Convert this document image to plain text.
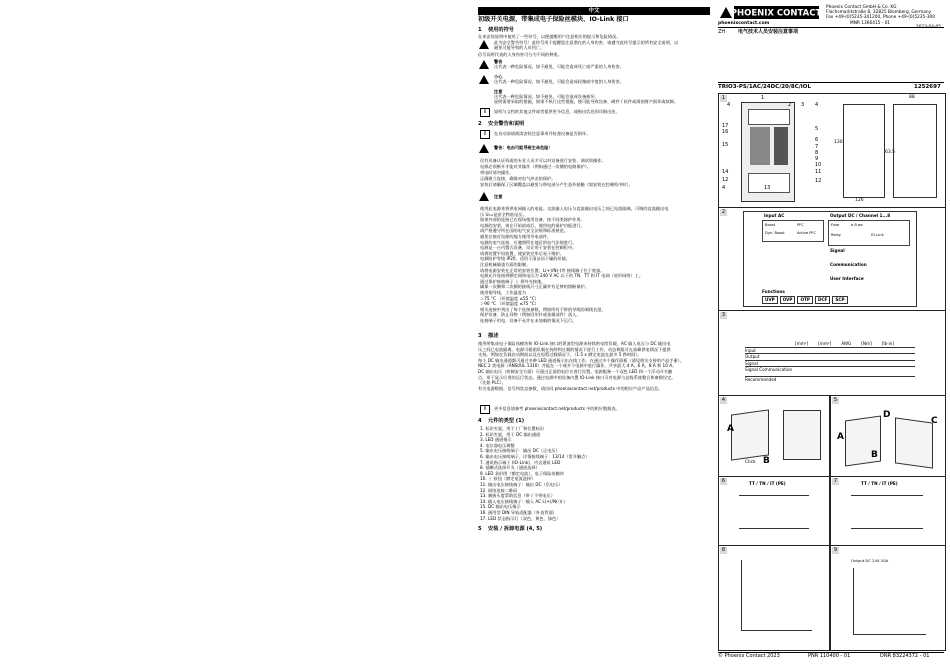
中文
初级开关电源，带集成电子保险丝模块、IO-Link 接口
1 使用的符号
在本安装说明中使用了一些符号，以便提醒用户注意相应的提示和危险情况。
此为安全警告符号！此符号用于提醒您注意潜在的人身伤害。请遵守此符号提示的所有安全说明，以
避免可能导致的人员伤亡。
信号词所代表的人身伤害可分为不同的种类。
警告
这代表一种危险情况，如不避免，可能会造成死亡或严重的人身伤害。
小心
这代表一种危险情况，如不避免，可能会造成轻微或中度的人身伤害。
注意
这代表一种危险情况，如不避免，可能会造成设备损坏。
说明需要采取的措施，如果不执行这些措施，便可能导致设备、硬件 / 软件或周围财产损坏或故障。
i	说明与文档的其他文件或者提供更多信息、或指出信息的详细出处。
2 安全警告和说明
i	在启动前请阅读安装注意事项并检查设备是否损坏。
警告：电击可能导致生命危险！
仅有具备认证资质的专业人员才可以对设备进行安装、调试和操作。
电源必须断开才能对其操作（例如通过一次侧的电路保护）。
带电时请勿操作。
正确建立连接，确保对电气冲击的保护。
安装后请确保了区域覆盖以避免与带电部分产生意外接触（如安装在控制柜中时）。
注意
使用此电源来将供电网输入的电能。交流输入电压与直流输出电压之间已电流隔离。可调的直流输出电
压 Uₒᵤₜ是安全特低电压。
如果外部的连接已在现场使用设备，按不同类保护作用。
电源的安装，请在开始前或后，使用电的保护功能进行。
请严格遵守所在国的电气安全法规和标准规范。
避免在接近电源的地方使用导电部件。
电源的电气连接，应遵照所在地区的电气法规进行。
电源是一台内置式设备，设计用于安装在控制柜中。
请将装置平坦放置，使安装完毕后易于维护。
电源防护等级 IP20，适用于清洁而干燥的环境。
注意机械载重方面的限制。
请将电源安装在正常的安装位置。L(+)/N(-)等 接线端子位于底部。
电源允许连接到额定网络电压为 240 V AC 以下的 TN、TT 和 IT 电网（星形网络）上。
通过保护接地端子 ⏚ 将外壳接地。
确保一次侧和二次侧的接线尺寸正确并有足够的熔断保护。
使用铜导线，工作温度为
＞75 °C （环境温度 ≤55 °C）
＞90 °C （环境温度 ≤75 °C）
相关连接中列出了每个连接参数，例如所有不带的导线的剥线长度。
保护设备，防止异物（例如回形针或金属部件）落入。
连接端子用电，设备不允许在未加载的情况下运行。
3 描述
使用带集成电子保险丝模块和 IO-Link 接口的紧凑型电源来持续供电给负载，AC 输入电压与 DC 输出电
压之间已电流隔离。电源可根据负载在持续和过载的情况下进行工作，动态和跟可在高峰供电情况下提供
支持。例如在负载启动期间以及在短暂过载情况下，（1.5 x 额定电流在最多 5 秒时间）。
每个 DC 输出通道都可通过多种 LED 通道指示出在线工作。在通过多个操作面板（请见相关支持的产品手册）。
NEC 2 类电源（ANSI/UL 1310）并能在一个或多个电源中进行操作，共享最大 4 A，6 A，8 A 和 10 A。
DC 输出电压（故障安全方面）可通过正面的电位计进行设置。电源配备一个双色 LED 和一个浮动开关触
点，用于显示应用的运行状态。通过电源中的设备内置 IO-Link 接口可对电源与总线系统整合和参数设定。
（比如 PLC）。
有关电源数据、信号和状态参数，请访问 phoenixcontact.net/products 中的相应产品产品信息。
i	更多信息请参考 phoenixcontact.net/products 中的相应数据表。
4 元件的类型 (1)
1. 标识夹架，用于工厂和位置标识
2. 标识夹架，用于 DC 输出通道
3. LED 通道指示
4. 电位器电压调整
5. 输出电压接线端子：输出 DC（正电压）
6. 输出电压接线端子，详情接线端子：13/14（常开触点）
7. 通讯指示端子 (IO-Link)，内含通讯 LED
8. 插槽式选择开关（通道选择）
9. LED 条形图（额定电流），电子保险丝模块
10. ⏚ 按钮（额定电流选择）
11. 输出电压接线端子：输出 DC（负电压）
12. 网络连接二维码
13. 刺接头度帮助信息（带 / 不带电压）
14. 输入电压接线端子：输入 AC L(+)/N(-)/⏚
15. DC 输出电压指示
16. 通用型 DIN 导轨适配器（外表背面）
17. LED 状态指示灯（双色，黄色，绿色）
5 安装 / 拆卸电源 (4, 5)
PHOENIX CONTACT
Phoenix Contact GmbH & Co. KG
Flachsmarktstraße 8, 32825 Blomberg, Germany
Fax +49-(0)5235-341200, Phone +49-(0)5235-300
phoenixcontact.com	MNR 1366415 - 01
ZH	电气技术人员安装注意事项
2023-04-05
TRIO3-PS/1AC/24DC/20/8C/IOL	1252697
1
4
1
2 3 4
5
6
7
8
9
10
11
12
13
14
15
16
17
4
12
88
130
126
63.5
2
Input AC	Output DC / Channel 1...8
Boost
Dyn. Boost
PFC
Active PFC
Fuse	e-Fuse
Relay	IO-Link
Signal
Communication
User Interface
Functions
UVP	OVP	OTP	DCF	SCP
3
[mm²] [mm²] AWG [Nm] [lb·in]
Input
Output
Signal
Signal Communication
Recommended
4
A
B
Click
5
A
B
C
D
6	TT / TN / IT (PE)	7	TT / TN / IT (PE)
8	9
Output DC 24V 20A
© Phoenix Contact 2023	PNR 110400 - 01	DNR 83224372 - 01
